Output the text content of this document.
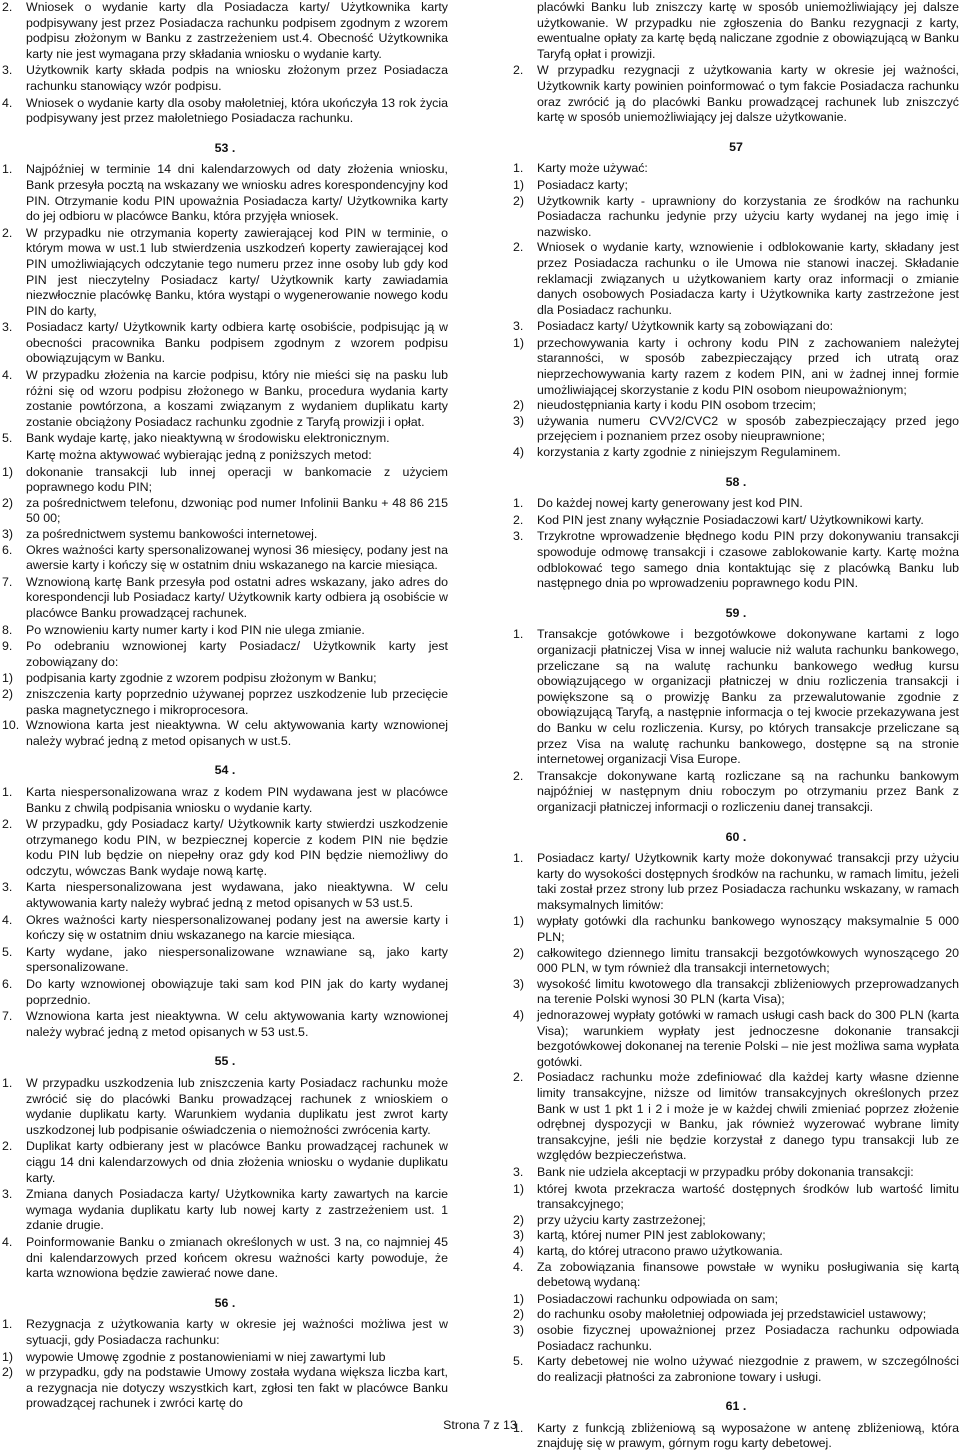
2. Wniosek o wydanie karty dla Posiadacza karty/ Użytkownika karty podpisywany jest przez Posiadacza rachunku podpisem zgodnym z wzorem podpisu złożonym w Banku z zastrzeżeniem ust.4. Obecność Użytkownika karty nie jest wymagana przy składania wniosku o wydanie karty.
3. Użytkownik karty składa podpis na wniosku złożonym przez Posiadacza rachunku stanowiący wzór podpisu.
4. Wniosek o wydanie karty dla osoby małoletniej, która ukończyła 13 rok życia podpisywany jest przez małoletniego Posiadacza rachunku.
53 .
1. Najpóźniej w terminie 14 dni kalendarzowych od daty złożenia wniosku, Bank przesyła pocztą na wskazany we wniosku adres korespondencyjny kod PIN. Otrzymanie kodu PIN upoważnia Posiadacza karty/ Użytkownika karty do jej odbioru w placówce Banku, która przyjęła wniosek.
2. W przypadku nie otrzymania koperty zawierającej kod PIN w terminie, o którym mowa w ust.1 lub stwierdzenia uszkodzeń koperty zawierającej kod PIN umożliwiających odczytanie tego numeru przez inne osoby lub gdy kod PIN jest nieczytelny Posiadacz karty/ Użytkownik karty zawiadamia niezwłocznie placówkę Banku, która wystąpi o wygenerowanie nowego kodu PIN do karty,
3. Posiadacz karty/ Użytkownik karty odbiera kartę osobiście, podpisując ją w obecności pracownika Banku podpisem zgodnym z wzorem podpisu obowiązującym w Banku.
4. W przypadku złożenia na karcie podpisu, który nie mieści się na pasku lub różni się od wzoru podpisu złożonego w Banku, procedura wydania karty zostanie powtórzona, a koszami związanym z wydaniem duplikatu karty zostanie obciążony Posiadacz rachunku zgodnie z Taryfą prowizji i opłat.
5. Bank wydaje kartę, jako nieaktywną w środowisku elektronicznym.
Kartę można aktywować wybierając jedną z poniższych metod:
1) dokonanie transakcji lub innej operacji w bankomacie z użyciem poprawnego kodu PIN;
2) za pośrednictwem telefonu, dzwoniąc pod numer Infolinii Banku + 48 86 215 50 00;
3) za pośrednictwem systemu bankowości internetowej.
6. Okres ważności karty spersonalizowanej wynosi 36 miesięcy, podany jest na awersie karty i kończy się w ostatnim dniu wskazanego na karcie miesiąca.
7. Wznowioną kartę Bank przesyła pod ostatni adres wskazany, jako adres do korespondencji lub Posiadacz karty/ Użytkownik karty odbiera ją osobiście w placówce Banku prowadzącej rachunek.
8. Po wznowieniu karty numer karty i kod PIN nie ulega zmianie.
9. Po odebraniu wznowionej karty Posiadacz/ Użytkownik karty jest zobowiązany do:
1) podpisania karty zgodnie z wzorem podpisu złożonym w Banku;
2) zniszczenia karty poprzednio używanej poprzez uszkodzenie lub przecięcie paska magnetycznego i mikroprocesora.
10. Wznowiona karta jest nieaktywna. W celu aktywowania karty wznowionej należy wybrać jedną z metod opisanych w ust.5.
54 .
1. Karta niespersonalizowana wraz z kodem PIN wydawana jest w placówce Banku z chwilą podpisania wniosku o wydanie karty.
2. W przypadku, gdy Posiadacz karty/ Użytkownik karty stwierdzi uszkodzenie otrzymanego kodu PIN, w bezpiecznej kopercie z kodem PIN nie będzie kodu PIN lub będzie on niepełny oraz gdy kod PIN będzie niemożliwy do odczytu, wówczas Bank wydaje nową kartę.
3. Karta niespersonalizowana jest wydawana, jako nieaktywna. W celu aktywowania karty należy wybrać jedną z metod opisanych w 53 ust.5.
4. Okres ważności karty niespersonalizowanej podany jest na awersie karty i kończy się w ostatnim dniu wskazanego na karcie miesiąca.
5. Karty wydane, jako niespersonalizowane wznawiane są, jako karty spersonalizowane.
6. Do karty wznowionej obowiązuje taki sam kod PIN jak do karty wydanej poprzednio.
7. Wznowiona karta jest nieaktywna. W celu aktywowania karty wznowionej należy wybrać jedną z metod opisanych w 53 ust.5.
55 .
1. W przypadku uszkodzenia lub zniszczenia karty Posiadacz rachunku może zwrócić się do placówki Banku prowadzącej rachunek z wnioskiem o wydanie duplikatu karty. Warunkiem wydania duplikatu jest zwrot karty uszkodzonej lub podpisanie oświadczenia o niemożności zwrócenia karty.
2. Duplikat karty odbierany jest w placówce Banku prowadzącej rachunek w ciągu 14 dni kalendarzowych od dnia złożenia wniosku o wydanie duplikatu karty.
3. Zmiana danych Posiadacza karty/ Użytkownika karty zawartych na karcie wymaga wydania duplikatu karty lub nowej karty z zastrzeżeniem ust. 1 zdanie drugie.
4. Poinformowanie Banku o zmianach określonych w ust. 3 na, co najmniej 45 dni kalendarzowych przed końcem okresu ważności karty powoduje, że karta wznowiona będzie zawierać nowe dane.
56 .
1. Rezygnacja z użytkowania karty w okresie jej ważności możliwa jest w sytuacji, gdy Posiadacza rachunku:
1) wypowie Umowę zgodnie z postanowieniami w niej zawartymi lub
2) w przypadku, gdy na podstawie Umowy została wydana większa liczba kart, a rezygnacja nie dotyczy wszystkich kart, zgłosi ten fakt w placówce Banku prowadzącej rachunek i zwróci kartę do
placówki Banku lub zniszczy kartę w sposób uniemożliwiający jej dalsze użytkowanie. W przypadku nie zgłoszenia do Banku rezygnacji z karty, ewentualne opłaty za kartę będą naliczane zgodnie z obowiązującą w Banku Taryfą opłat i prowizji.
2. W przypadku rezygnacji z użytkowania karty w okresie jej ważności, Użytkownik karty powinien poinformować o tym fakcie Posiadacza rachunku oraz zwrócić ją do placówki Banku prowadzącej rachunek lub zniszczyć kartę w sposób uniemożliwiający jej dalsze użytkowanie.
57
1. Karty może używać:
1) Posiadacz karty;
2) Użytkownik karty - uprawniony do korzystania ze środków na rachunku Posiadacza rachunku jedynie przy użyciu karty wydanej na jego imię i nazwisko.
2. Wniosek o wydanie karty, wznowienie i odblokowanie karty, składany jest przez Posiadacza rachunku o ile Umowa nie stanowi inaczej. Składanie reklamacji związanych u użytkowaniem karty oraz informacji o zmianie danych osobowych Posiadacza karty i Użytkownika karty zastrzeżone jest dla Posiadacz rachunku.
3. Posiadacz karty/ Użytkownik karty są zobowiązani do:
1) przechowywania karty i ochrony kodu PIN z zachowaniem należytej staranności, w sposób zabezpieczający przed ich utratą oraz nieprzechowywania karty razem z kodem PIN, ani w żadnej innej formie umożliwiającej skorzystanie z kodu PIN osobom nieupoważnionym;
2) nieudostępniania karty i kodu PIN osobom trzecim;
3) używania numeru CVV2/CVC2 w sposób zabezpieczający przed jego przejęciem i poznaniem przez osoby nieuprawnione;
4) korzystania z karty zgodnie z niniejszym Regulaminem.
58 .
1. Do każdej nowej karty generowany jest kod PIN.
2. Kod PIN jest znany wyłącznie Posiadaczowi kart/ Użytkownikowi karty.
3. Trzykrotne wprowadzenie błędnego kodu PIN przy dokonywaniu transakcji spowoduje odmowę transakcji i czasowe zablokowanie karty. Kartę można odblokować tego samego dnia kontaktując się z placówką Banku lub następnego dnia po wprowadzeniu poprawnego kodu PIN.
59 .
1. Transakcje gotówkowe i bezgotówkowe dokonywane kartami z logo organizacji płatniczej Visa w innej walucie niż waluta rachunku bankowego, przeliczane są na walutę rachunku bankowego według kursu obowiązującego w organizacji płatniczej w dniu rozliczenia transakcji i powiększone są o prowizję Banku za przewalutowanie zgodnie z obowiązującą Taryfą, a następnie informacja o tej kwocie przekazywana jest do Banku w celu rozliczenia. Kursy, po których transakcje przeliczane są przez Visa na walutę rachunku bankowego, dostępne są na stronie internetowej organizacji Visa Europe.
2. Transakcje dokonywane kartą rozliczane są na rachunku bankowym najpóźniej w następnym dniu roboczym po otrzymaniu przez Bank z organizacji płatniczej informacji o rozliczeniu danej transakcji.
60 .
1. Posiadacz karty/ Użytkownik karty może dokonywać transakcji przy użyciu karty do wysokości dostępnych środków na rachunku, w ramach limitu, jeżeli taki został przez strony lub przez Posiadacza rachunku wskazany, w ramach maksymalnych limitów:
1) wypłaty gotówki dla rachunku bankowego wynoszący maksymalnie 5 000 PLN;
2) całkowitego dziennego limitu transakcji bezgotówkowych wynoszącego 20 000 PLN, w tym również dla transakcji internetowych;
3) wysokość limitu kwotowego dla transakcji zbliżeniowych przeprowadzanych na terenie Polski wynosi 30 PLN (karta Visa);
4) jednorazowej wypłaty gotówki w ramach usługi cash back do 300 PLN (karta Visa); warunkiem wypłaty jest jednoczesne dokonanie transakcji bezgotówkowej dokonanej na terenie Polski – nie jest możliwa sama wypłata gotówki.
2. Posiadacz rachunku może zdefiniować dla każdej karty własne dzienne limity transakcyjne, niższe od limitów transakcyjnych określonych przez Bank w ust 1 pkt 1 i 2 i może je w każdej chwili zmieniać poprzez złożenie odrębnej dyspozycji w Banku, jak również wyzerować wybrane limity transakcyjne, jeśli nie będzie korzystał z danego typu transakcji lub ze względów bezpieczeństwa.
3. Bank nie udziela akceptacji w przypadku próby dokonania transakcji:
1) której kwota przekracza wartość dostępnych środków lub wartość limitu transakcyjnego;
2) przy użyciu karty zastrzeżonej;
3) kartą, której numer PIN jest zablokowany;
4) kartą, do której utracono prawo użytkowania.
4. Za zobowiązania finansowe powstałe w wyniku posługiwania się kartą debetową wydaną:
1) Posiadaczowi rachunku odpowiada on sam;
2) do rachunku osoby małoletniej odpowiada jej przedstawiciel ustawowy;
3) osobie fizycznej upoważnionej przez Posiadacza rachunku odpowiada Posiadacz rachunku.
5. Karty debetowej nie wolno używać niezgodnie z prawem, w szczególności do realizacji płatności za zabronione towary i usługi.
61 .
1. Karty z funkcją zbliżeniową są wyposażone w antenę zbliżeniową, która znajduję się w prawym, górnym rogu karty debetowej.
Strona 7 z 13
